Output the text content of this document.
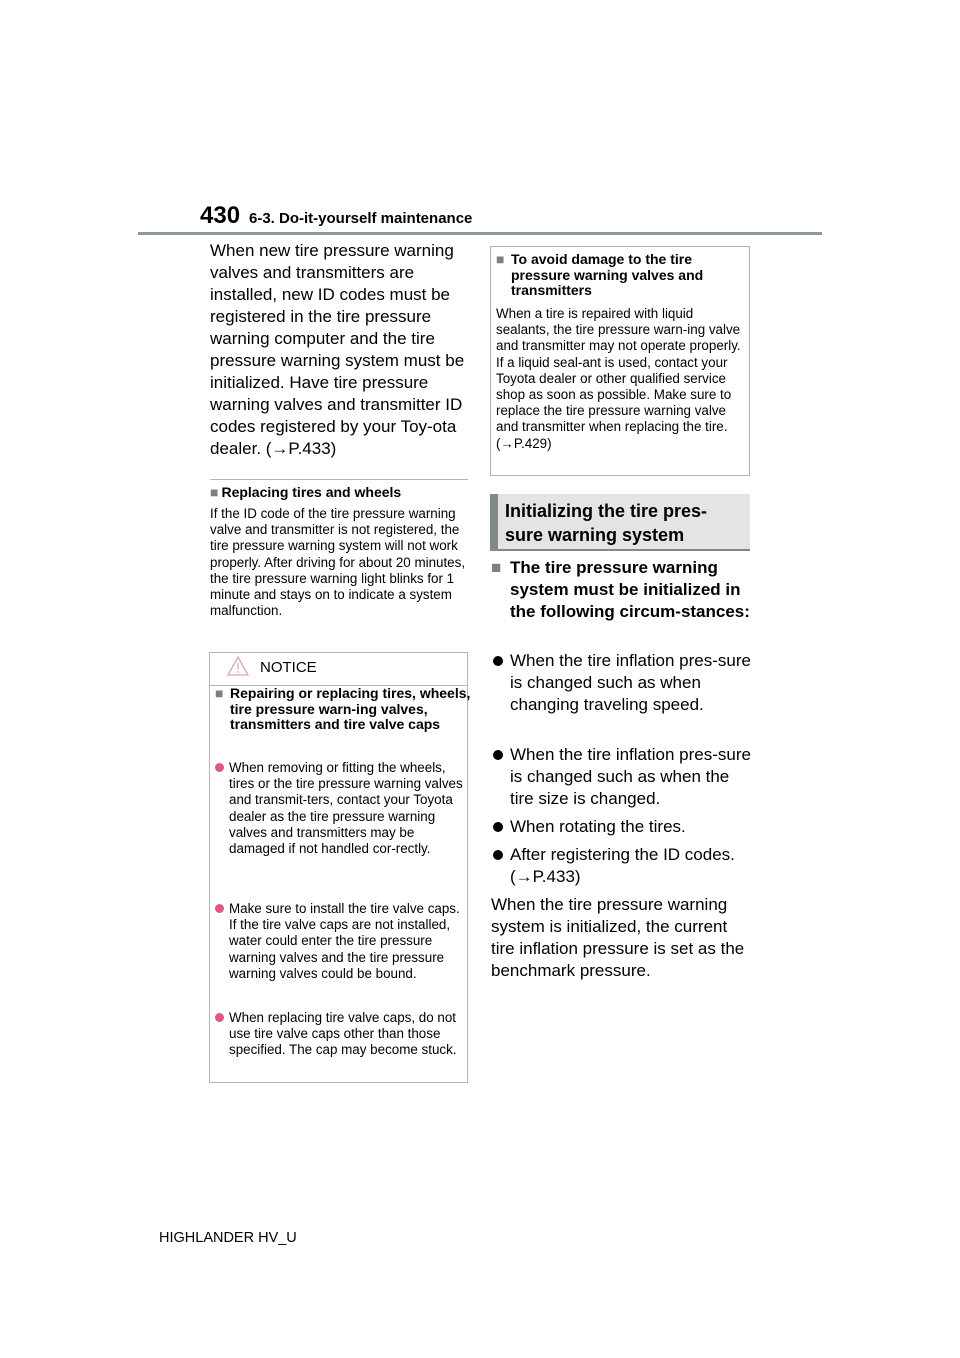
430 6-3. Do-it-yourself maintenance

When new tire pressure warning valves and transmitters are installed, new ID codes must be registered in the tire pressure warning computer and the tire pressure warning system must be initialized. Have tire pressure warning valves and transmitter ID codes registered by your Toy-ota dealer. (→P.433)

■ Replacing tires and wheels

If the ID code of the tire pressure warning valve and transmitter is not registered, the tire pressure warning system will not work properly. After driving for about 20 minutes, the tire pressure warning light blinks for 1 minute and stays on to indicate a system malfunction.

NOTICE
■ Repairing or replacing tires, wheels, tire pressure warn-ing valves, transmitters and tire valve caps
When removing or fitting the wheels, tires or the tire pressure warning valves and transmit-ters, contact your Toyota dealer as the tire pressure warning valves and transmitters may be damaged if not handled cor-rectly.
Make sure to install the tire valve caps. If the tire valve caps are not installed, water could enter the tire pressure warning valves and the tire pressure warning valves could be bound.
When replacing tire valve caps, do not use tire valve caps other than those specified. The cap may become stuck.
■ To avoid damage to the tire pressure warning valves and transmitters

When a tire is repaired with liquid sealants, the tire pressure warn-ing valve and transmitter may not operate properly. If a liquid seal-ant is used, contact your Toyota dealer or other qualified service shop as soon as possible. Make sure to replace the tire pressure warning valve and transmitter when replacing the tire. (→P.429)

Initializing the tire pres-sure warning system
■ The tire pressure warning system must be initialized in the following circum-stances:
When the tire inflation pres-sure is changed such as when changing traveling speed.
When the tire inflation pres-sure is changed such as when the tire size is changed.
When rotating the tires.
After registering the ID codes. (→P.433)

When the tire pressure warning system is initialized, the current tire inflation pressure is set as the benchmark pressure.

HIGHLANDER HV_U
